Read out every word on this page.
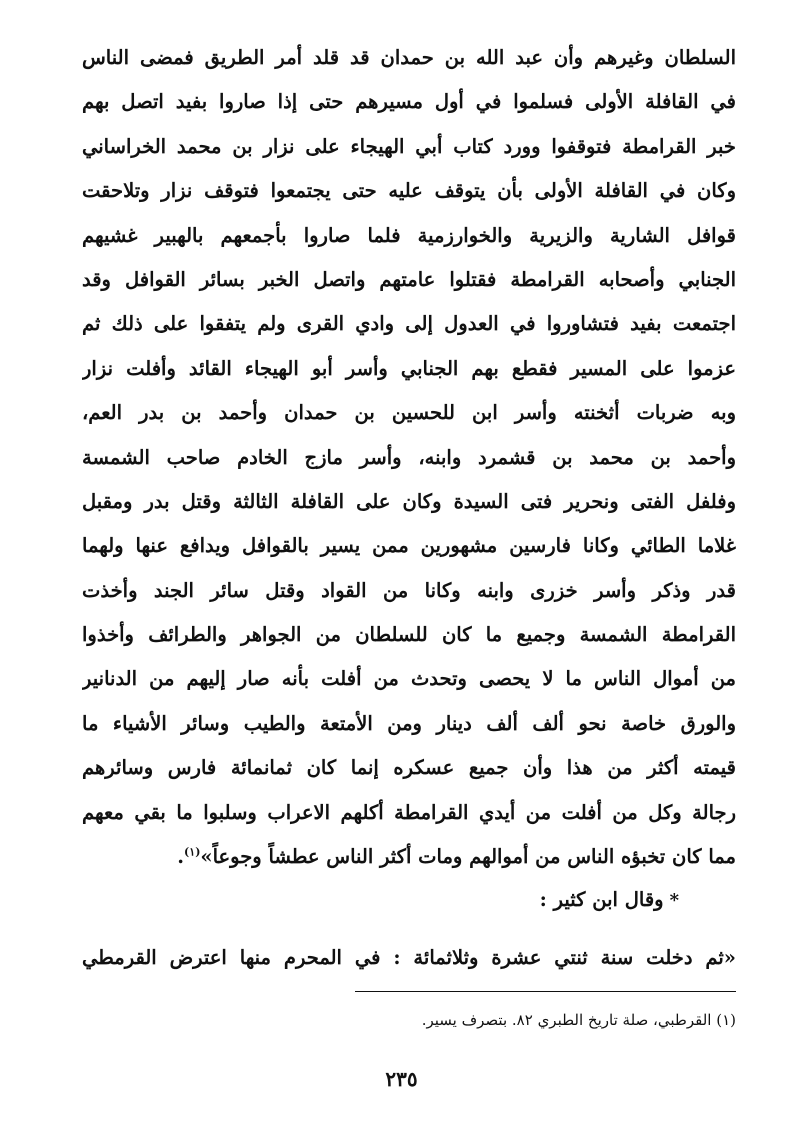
السلطان وغيرهم وأن عبد الله بن حمدان قد قلد أمر الطريق فمضى الناس
في القافلة الأولى فسلموا في أول مسيرهم حتى إذا صاروا بفيد اتصل بهم
خبر القرامطة فتوقفوا وورد كتاب أبي الهيجاء على نزار بن محمد الخراساني
وكان في القافلة الأولى بأن يتوقف عليه حتى يجتمعوا فتوقف نزار وتلاحقت
قوافل الشارية والزيرية والخوارزمية فلما صاروا بأجمعهم بالهبير غشيهم
الجنابي وأصحابه القرامطة فقتلوا عامتهم واتصل الخبر بسائر القوافل وقد
اجتمعت بفيد فتشاوروا في العدول إلى وادي القرى ولم يتفقوا على ذلك ثم
عزموا على المسير فقطع بهم الجنابي وأسر أبو الهيجاء القائد وأفلت نزار
وبه ضربات أثخنته وأسر ابن للحسين بن حمدان وأحمد بن بدر العم،
وأحمد بن محمد بن قشمرد وابنه، وأسر مازج الخادم صاحب الشمسة
وفلفل الفتى ونحرير فتى السيدة وكان على القافلة الثالثة وقتل بدر ومقبل
غلاما الطائي وكانا فارسين مشهورين ممن يسير بالقوافل ويدافع عنها ولهما
قدر وذكر وأسر خزرى وابنه وكانا من القواد وقتل سائر الجند وأخذت
القرامطة الشمسة وجميع ما كان للسلطان من الجواهر والطرائف وأخذوا
من أموال الناس ما لا يحصى وتحدث من أفلت بأنه صار إليهم من الدنانير
والورق خاصة نحو ألف ألف دينار ومن الأمتعة والطيب وسائر الأشياء ما
قيمته أكثر من هذا وأن جميع عسكره إنما كان ثمانمائة فارس وسائرهم
رجالة وكل من أفلت من أيدي القرامطة أكلهم الاعراب وسلبوا ما بقي معهم
مما كان تخبؤه الناس من أموالهم ومات أكثر الناس عطشاً وجوعاً»$^{(١)}$.
*وقال ابن كثير :
«ثم دخلت سنة ثنتي عشرة وثلاثمائة : في المحرم منها اعترض القرمطي
(١) القرطبي، صلة تاريخ الطبري ٨٢. بتصرف يسير.
٢٣٥
